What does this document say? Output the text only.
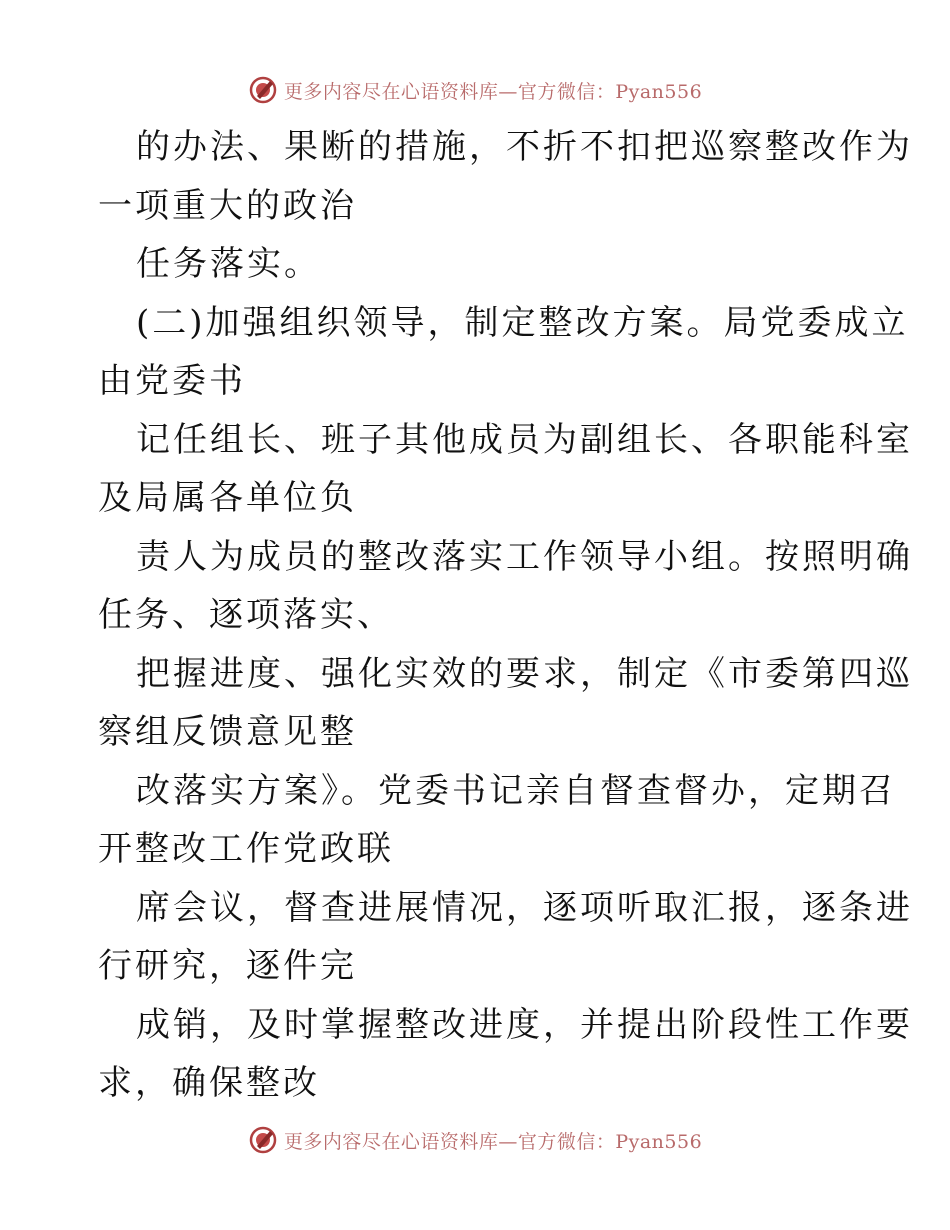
更多内容尽在心语资料库—官方微信：Pyan556
的办法、果断的措施，不折不扣把巡察整改作为
一项重大的政治
任务落实。
(二)加强组织领导，制定整改方案。局党委成立
由党委书
记任组长、班子其他成员为副组长、各职能科室
及局属各单位负
责人为成员的整改落实工作领导小组。按照明确
任务、逐项落实、
把握进度、强化实效的要求，制定《市委第四巡
察组反馈意见整
改落实方案》。党委书记亲自督查督办，定期召
开整改工作党政联
席会议，督查进展情况，逐项听取汇报，逐条进
行研究，逐件完
成销，及时掌握整改进度，并提出阶段性工作要
求，确保整改
更多内容尽在心语资料库—官方微信：Pyan556
